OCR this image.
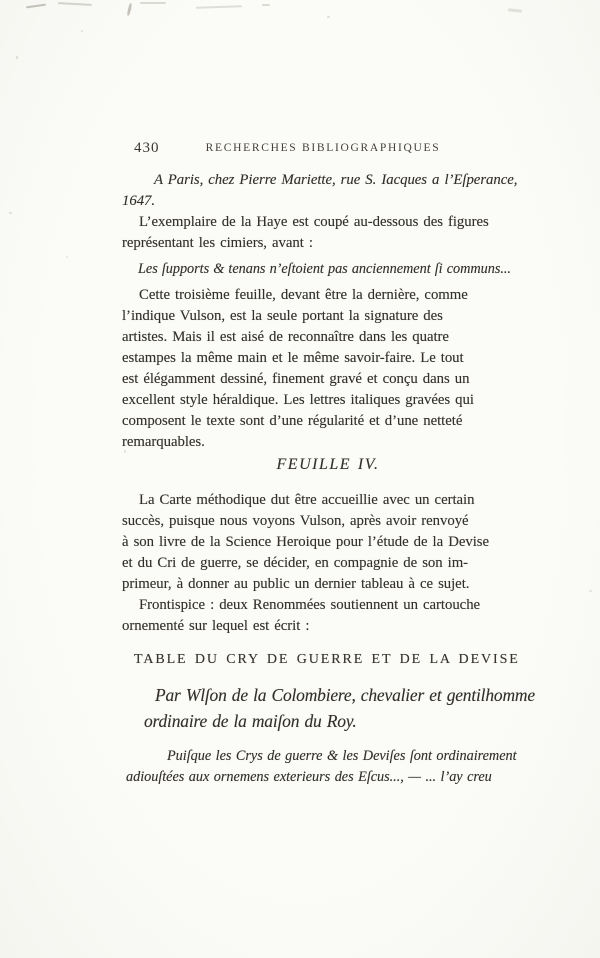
430	RECHERCHES BIBLIOGRAPHIQUES
A Paris, chez Pierre Mariette, rue S. Iacques a l’Eſperance,
1647.
L’exemplaire de la Haye est coupé au-dessous des figures
représentant les cimiers, avant :
Les ſupports & tenans n’eſtoient pas anciennement ſi communs...
Cette troisième feuille, devant être la dernière, comme
l’indique Vulson, est la seule portant la signature des
artistes. Mais il est aisé de reconnaître dans les quatre
estampes la même main et le même savoir-faire. Le tout
est élégamment dessiné, finement gravé et conçu dans un
excellent style héraldique. Les lettres italiques gravées qui
composent le texte sont d’une régularité et d’une netteté
remarquables.
FEUILLE IV.
La Carte méthodique dut être accueillie avec un certain
succès, puisque nous voyons Vulson, après avoir renvoyé
à son livre de la Science Heroique pour l’étude de la Devise
et du Cri de guerre, se décider, en compagnie de son im-
primeur, à donner au public un dernier tableau à ce sujet.
Frontispice : deux Renommées soutiennent un cartouche
ornementé sur lequel est écrit :
TABLE DU CRY DE GUERRE ET DE LA DEVISE
Par Wlſon de la Colombiere, chevalier et gentilhomme
ordinaire de la maiſon du Roy.
Puiſque les Crys de guerre & les Deviſes ſont ordinairement
adiouſtées aux ornemens exterieurs des Eſcus..., — ... l’ay creu
